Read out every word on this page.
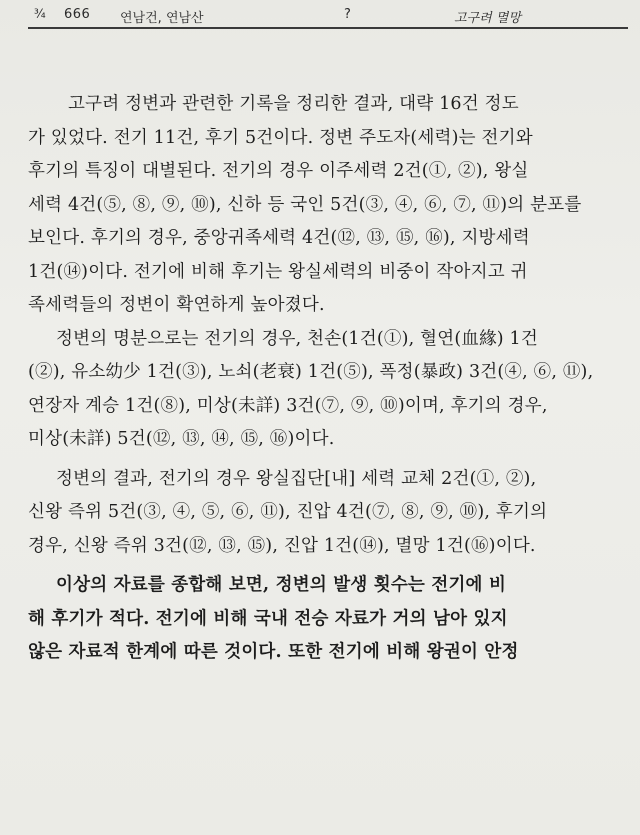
¾ 666 연남건, 연남산	?	고구려 멸망
고구려 정변과 관련한 기록을 정리한 결과, 대략 16건 정도
가 있었다. 전기 11건, 후기 5건이다. 정변 주도자(세력)는 전기와
후기의 특징이 대별된다. 전기의 경우 이주세력 2건(①, ②), 왕실
세력 4건(⑤, ⑧, ⑨, ⑩), 신하 등 국인 5건(③, ④, ⑥, ⑦, ⑪)의 분포를
보인다. 후기의 경우, 중앙귀족세력 4건(⑫, ⑬, ⑮, ⑯), 지방세력
1건(⑭)이다. 전기에 비해 후기는 왕실세력의 비중이 작아지고 귀
족세력들의 정변이 확연하게 높아졌다.
정변의 명분으로는 전기의 경우, 천손(1건(①), 혈연(血緣) 1건
(②), 유소幼少 1건(③), 노쇠(老衰) 1건(⑤), 폭정(暴政) 3건(④, ⑥, ⑪),
연장자 계승 1건(⑧), 미상(未詳) 3건(⑦, ⑨, ⑩)이며, 후기의 경우,
미상(未詳) 5건(⑫, ⑬, ⑭, ⑮, ⑯)이다.
정변의 결과, 전기의 경우 왕실집단[내] 세력 교체 2건(①, ②),
신왕 즉위 5건(③, ④, ⑤, ⑥, ⑪), 진압 4건(⑦, ⑧, ⑨, ⑩), 후기의
경우, 신왕 즉위 3건(⑫, ⑬, ⑮), 진압 1건(⑭), 멸망 1건(⑯)이다.
이상의 자료를 종합해 보면, 정변의 발생 횟수는 전기에 비
해 후기가 적다. 전기에 비해 국내 전승 자료가 거의 남아 있지
않은 자료적 한계에 따른 것이다. 또한 전기에 비해 왕권이 안정
